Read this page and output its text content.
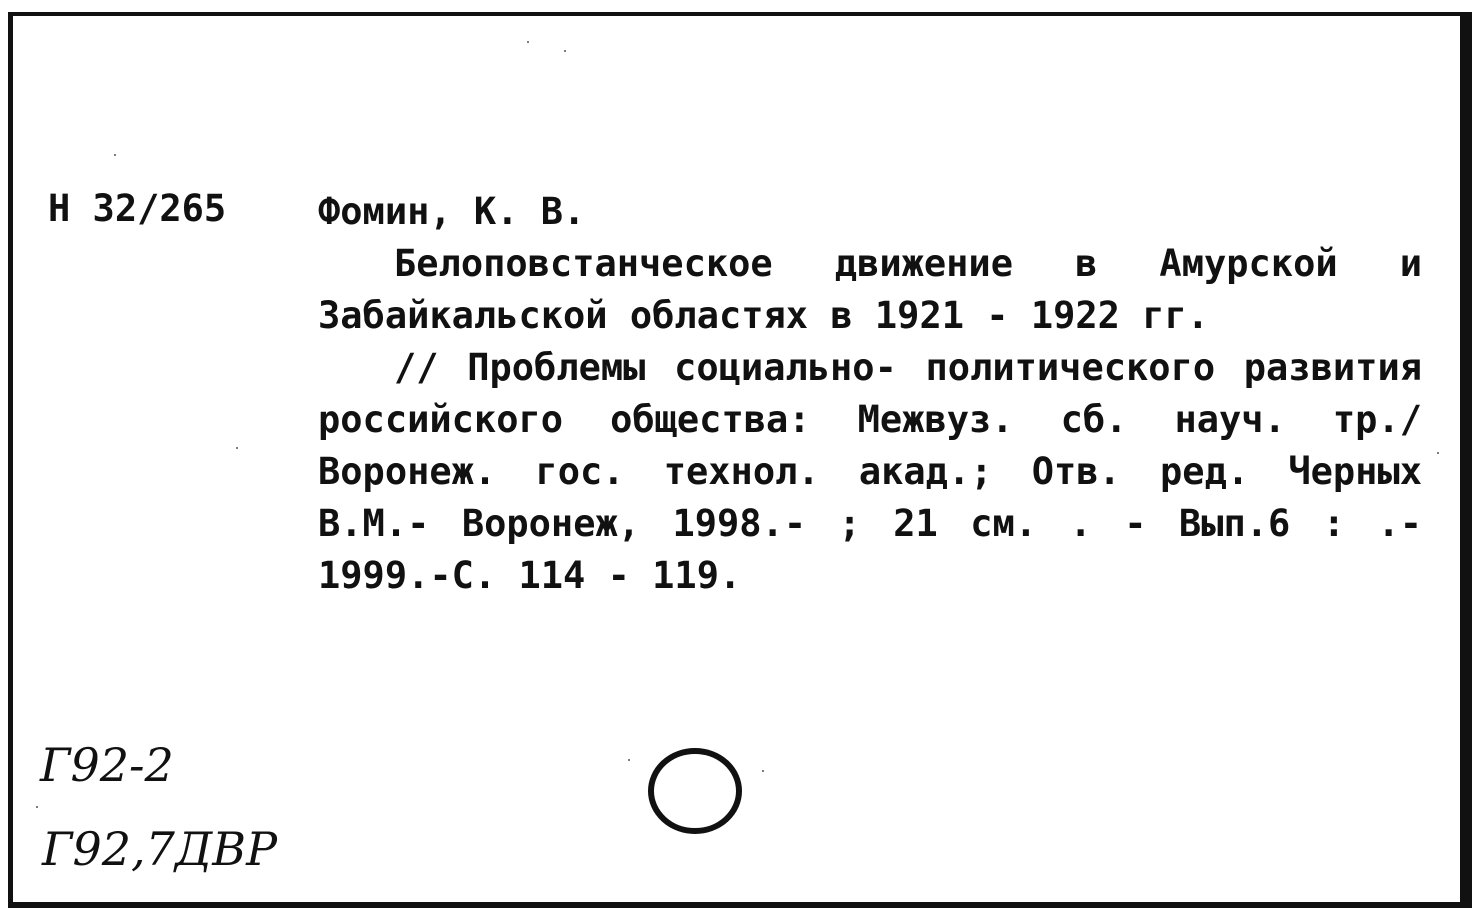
Н 32/265 Фомин, К. В.
Белоповстанческое движение в Амурской и Забайкальской областях в 1921 - 1922 гг.
// Проблемы социально- политического развития российского общества: Межвуз. сб. науч. тр./ Воронеж. гос. технол. акад.; Отв. ред. Черных В.М.- Воронеж, 1998.- ; 21 см. . - Вып.6 : .- 1999.-С. 114 - 119.
Г92-2
Г92,7ДВР
